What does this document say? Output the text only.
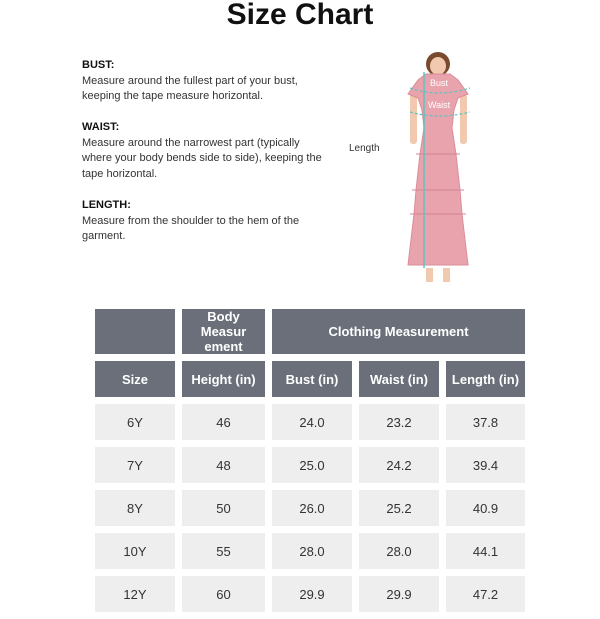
Size Chart
BUST:
Measure around the fullest part of your bust, keeping the tape measure horizontal.
WAIST:
Measure around the narrowest part (typically where your body bends side to side), keeping the tape horizontal.
LENGTH:
Measure from the shoulder to the hem of the garment.
Length
Bust
Waist
	Body Measur ement	Clothing Measurement		
Size	Height (in)	Bust (in)	Waist (in)	Length (in)
6Y	46	24.0	23.2	37.8
7Y	48	25.0	24.2	39.4
8Y	50	26.0	25.2	40.9
10Y	55	28.0	28.0	44.1
12Y	60	29.9	29.9	47.2
